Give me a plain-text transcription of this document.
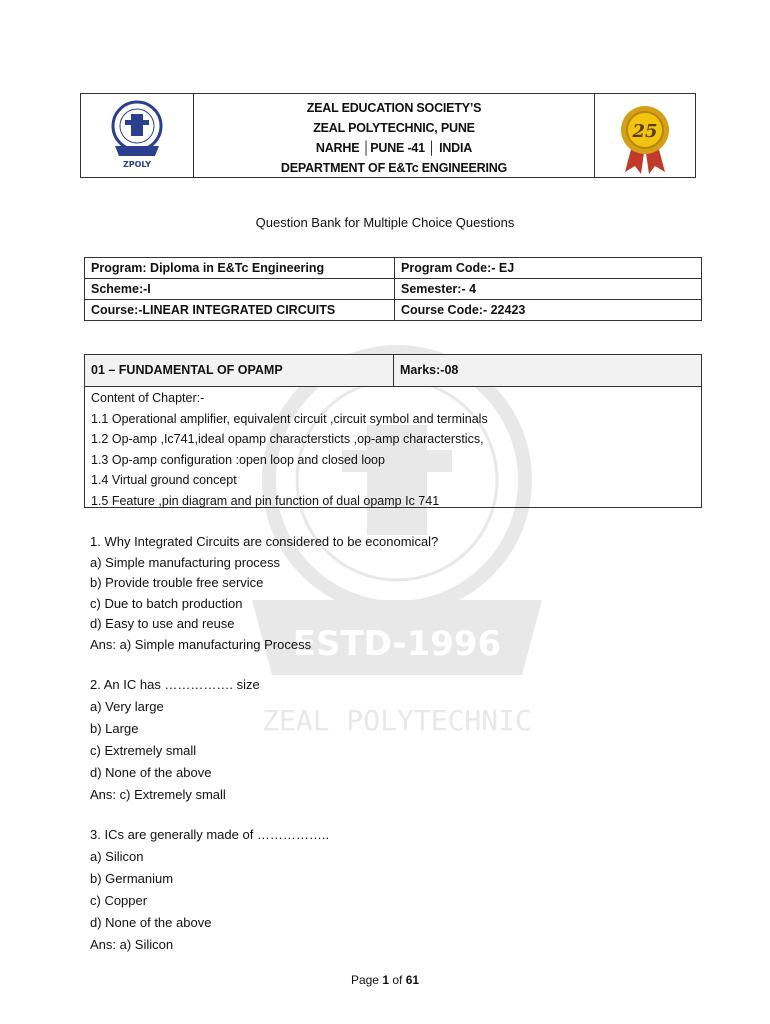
ESTD-1996
ZEAL POLYTECHNIC
ZPOLY
ZEAL EDUCATION SOCIETY’S
ZEAL POLYTECHNIC, PUNE
NARHE │PUNE -41 │ INDIA
DEPARTMENT OF E&Tc ENGINEERING
25
Question Bank for Multiple Choice Questions
Program: Diploma in E&Tc Engineering	Program Code:- EJ
Scheme:-I	Semester:- 4
Course:-LINEAR INTEGRATED CIRCUITS	Course Code:- 22423
01 – FUNDAMENTAL OF OPAMP	Marks:-08
Content of Chapter:-
1.1 Operational amplifier, equivalent circuit ,circuit symbol and terminals
1.2 Op-amp ,Ic741,ideal opamp charactersticts ,op-amp characterstics,
1.3 Op-amp configuration :open loop and closed loop
1.4 Virtual ground concept
1.5 Feature ,pin diagram and pin function of dual opamp Ic 741
1. Why Integrated Circuits are considered to be economical?
a) Simple manufacturing process
b) Provide trouble free service
c) Due to batch production
d) Easy to use and reuse
Ans: a) Simple manufacturing Process
2. An IC has ……………. size
a) Very large
b) Large
c) Extremely small
d) None of the above
Ans: c) Extremely small
3. ICs are generally made of ……………..
a) Silicon
b) Germanium
c) Copper
d) None of the above
Ans: a) Silicon
Page 1 of 61
